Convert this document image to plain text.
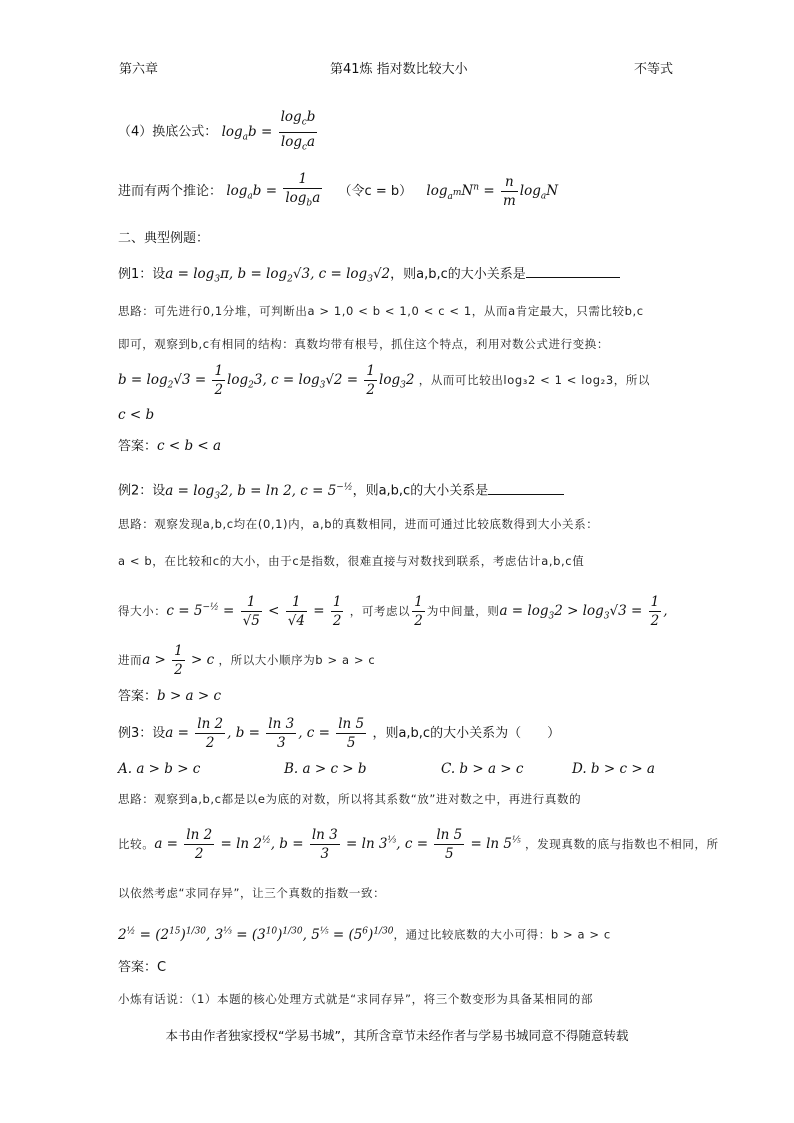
第六章	第41炼 指对数比较大小	不等式
（4）换底公式： $\log_ab = \frac{\log_cb}{\log_ca}$
进而有两个推论： $\log_ab = \frac{1}{\log_ba}$ （令c = b） $\log_{a^m}N^n = \frac{n}{m} \log_aN$
二、典型例题：
例1：设$a = \log_3\pi$, $b = \log_2√3$, $c = \log_3√2$，则a,b,c的大小关系是
思路：可先进行0,1分堆，可判断出a > 1,0 < b < 1,0 < c < 1，从而a肯定最大，只需比较b,c
即可，观察到b,c有相同的结构：真数均带有根号，抓住这个特点，利用对数公式进行变换：
$b = \log_2√3 = \frac{1}{2} \log_23$, $c = \log_3√2 = \frac{1}{2} \log_32$ ，从而可比较出log₃2 < 1 < log₂3，所以
c < b
答案：c < b < a
例2：设$a = \log_32$, b = ln 2, $c = 5^{-\frac{1}{2}}$，则a,b,c的大小关系是
思路：观察发现a,b,c均在(0,1)内，a,b的真数相同，进而可通过比较底数得到大小关系：
a < b，在比较和c的大小，由于c是指数，很难直接与对数找到联系，考虑估计a,b,c值
得大小：$c = 5^{-\frac{1}{2}} = \frac{1}{√5} < \frac{1}{√4} = \frac{1}{2}$ ，可考虑以 $\frac{1}{2}$ 为中间量，则$a = \log_32 > \log_3√3 = \frac{1}{2}$ ,
进而$a > \frac{1}{2} > c$ ，所以大小顺序为b > a > c
答案：b > a > c
例3：设$a = \frac{\ln 2}{2}$ , $b = \frac{\ln 3}{3}$ , $c = \frac{\ln 5}{5}$ ，则a,b,c的大小关系为（　　）
A. a > b > c	B. a > c > b	C. b > a > c	D. b > c > a
思路：观察到a,b,c都是以e为底的对数，所以将其系数“放”进对数之中，再进行真数的
比较。$a = \frac{\ln 2}{2} = \ln 2^{\frac{1}{2}}$, $b = \frac{\ln 3}{3} = \ln 3^{\frac{1}{3}}$, $c = \frac{\ln 5}{5} = \ln 5^{\frac{1}{5}}$ ，发现真数的底与指数也不相同，所
以依然考虑“求同存异”，让三个真数的指数一致：
$2^{\frac{1}{2}} = (2^{15})^{1/30}$, $3^{\frac{1}{3}} = (3^{10})^{1/30}$, $5^{\frac{1}{5}} = (5^6)^{1/30}$，通过比较底数的大小可得：b > a > c
答案：C
小炼有话说：（1）本题的核心处理方式就是“求同存异”，将三个数变形为具备某相同的部
本书由作者独家授权“学易书城”，其所含章节未经作者与学易书城同意不得随意转载
